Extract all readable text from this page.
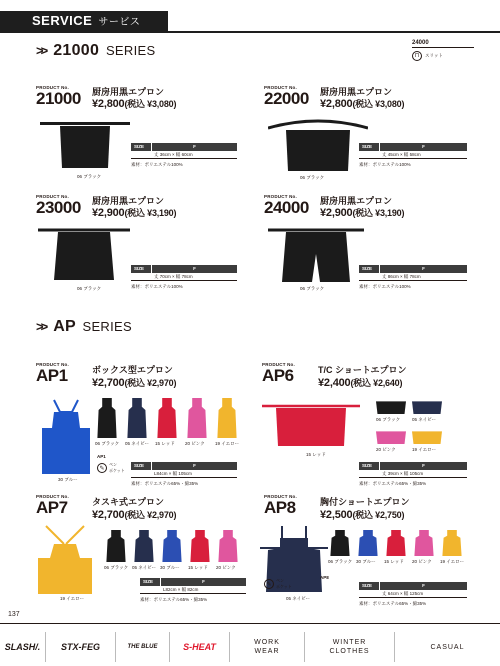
SERVICE サービス
>> 21000 SERIES	24000
⊓	スリット
PRODUCT No.
21000 厨房用黒エプロン
¥2,800(税込 ¥3,080)
06 ブラック
SIZE	F
丈 36cm × 幅 60cm
素材：ポリエステル100%
PRODUCT No.
22000 厨房用黒エプロン
¥2,800(税込 ¥3,080)
06 ブラック
SIZE	F
丈 45cm × 幅 58cm
素材：ポリエステル100%
PRODUCT No.
23000 厨房用黒エプロン
¥2,900(税込 ¥3,190)
06 ブラック
SIZE	F
丈 70cm × 幅 78cm
素材：ポリエステル100%
PRODUCT No.
24000 厨房用黒エプロン
¥2,900(税込 ¥3,190)
06 ブラック
SIZE	F
丈 86cm × 幅 78cm
素材：ポリエステル100%
>> AP SERIES
PRODUCT No.
AP1	ボックス型エプロン
¥2,700(税込 ¥2,970)
30 ブルー
06 ブラック 05 ネイビー 15 レッド 20 ピンク 19 イエロー
AP1
✎
ペン
ポケット
SIZE	F
L84cm × 幅 105cm
素材：ポリエステル65%・綿35%
PRODUCT No.
AP6	T/C ショートエプロン
¥2,400(税込 ¥2,640)
15 レッド
06 ブラック	05 ネイビー
20 ピンク	19 イエロー
SIZE	F
丈 39cm × 幅 105cm
素材：ポリエステル65%・綿35%
PRODUCT No.
AP7	タスキ式エプロン
¥2,700(税込 ¥2,970)
19 イエロー
06 ブラック 05 ネイビー 30 ブルー 15 レッド 20 ピンク
SIZE	F
L82cm × 幅 82cm
素材：ポリエステル65%・綿35%
PRODUCT No.
AP8	胸付ショートエプロン
¥2,500(税込 ¥2,750)
05 ネイビー
✎
ペン
ポケット
06 ブラック 30 ブルー 15 レッド 20 ピンク 19 イエロー
AP8
SIZE	F
丈 64cm × 幅 125cm
素材：ポリエステル65%・綿35%
137
SLASH/. STX-FEG	THE BLUE	S-HEAT	WORK
WEAR
WINTER
CLOTHES
CASUAL
